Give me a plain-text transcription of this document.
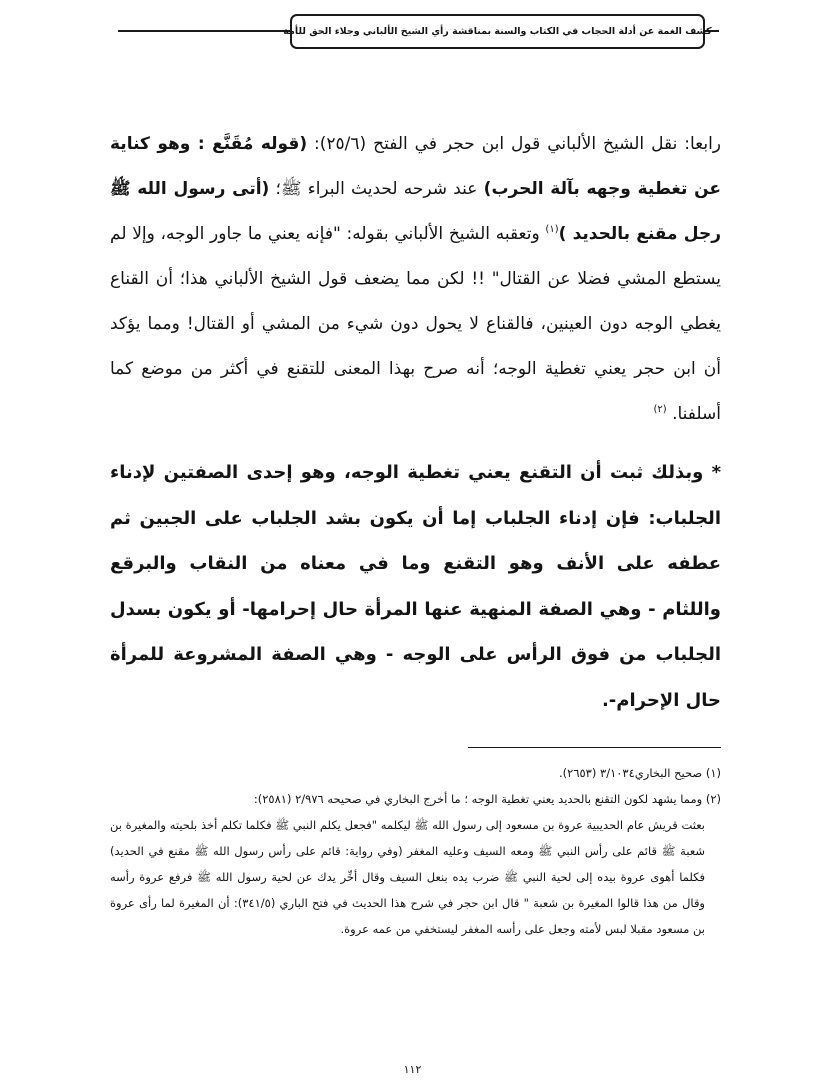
كشف الغمة عن أدلة الحجاب في الكتاب والسنة بمناقشة رأي الشيخ الألباني وجلاء الحق للأمة
رابعا: نقل الشيخ الألباني قول ابن حجر في الفتح (٢٥/٦): (قوله مُقَنَّع : وهو كناية عن تغطية وجهه بآلة الحرب) عند شرحه لحديث البراء ﷺ؛ (أتى رسول الله ﷺ رجل مقنع بالحديد )$^{(١)}$ وتعقبه الشيخ الألباني بقوله: "فإنه يعني ما جاور الوجه، وإلا لم يستطع المشي فضلا عن القتال" !! لكن مما يضعف قول الشيخ الألباني هذا؛ أن القناع يغطي الوجه دون العينين، فالقناع لا يحول دون شيء من المشي أو القتال! ومما يؤكد أن ابن حجر يعني تغطية الوجه؛ أنه صرح بهذا المعنى للتقنع في أكثر من موضع كما أسلفنا. $^{(٢)}$
* وبذلك ثبت أن التقنع يعني تغطية الوجه، وهو إحدى الصفتين لإدناء الجلباب: فإن إدناء الجلباب إما أن يكون بشد الجلباب على الجبين ثم عطفه على الأنف وهو التقنع وما في معناه من النقاب والبرقع واللثام - وهي الصفة المنهية عنها المرأة حال إحرامها- أو يكون بسدل الجلباب من فوق الرأس على الوجه - وهي الصفة المشروعة للمرأة حال الإحرام-.

(١) صحيح البخاري٣/١٠٣٤ (٢٦٥٣).

(٢) ومما يشهد لكون التقنع بالحديد يعني تغطية الوجه ؛ ما أخرج البخاري في صحيحه ٢/٩٧٦ (٢٥٨١):

بعثت قريش عام الحديبية عروة بن مسعود إلى رسول الله ﷺ ليكلمه "فجعل يكلم النبي ﷺ فكلما تكلم أخذ بلحيته والمغيرة بن شعبة ﷺ قائم على رأس النبي ﷺ ومعه السيف وعليه المغفر (وفي رواية: قائم على رأس رسول الله ﷺ مقنع في الحديد) فكلما أهوى عروة بيده إلى لحية النبي ﷺ ضرب يده بنعل السيف وقال أخِّر يدك عن لحية رسول الله ﷺ فرفع عروة رأسه وقال من هذا قالوا المغيرة بن شعبة " قال ابن حجر في شرح هذا الحديث في فتح الباري (٣٤١/٥): أن المغيرة لما رأى عروة بن مسعود مقبلا لبس لأمته وجعل على رأسه المغفر ليستخفي من عمه عروة.

١١٢
